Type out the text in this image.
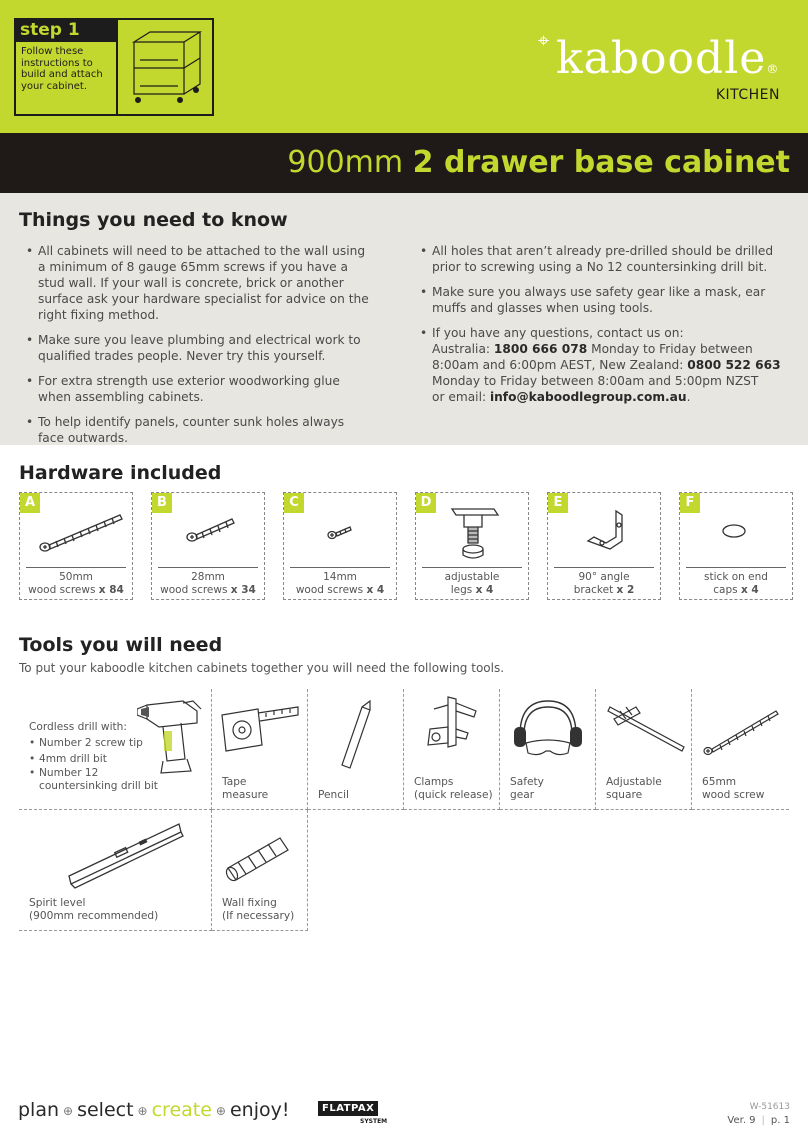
step 1
Follow these instructions to build and attach your cabinet.
⌖ kaboodle®
KITCHEN
900mm 2 drawer base cabinet
Things you need to know
• All cabinets will need to be attached to the wall using a minimum of 8 gauge 65mm screws if you have a stud wall. If your wall is concrete, brick or another surface ask your hardware specialist for advice on the right fixing method.
• Make sure you leave plumbing and electrical work to qualified trades people. Never try this yourself.
• For extra strength use exterior woodworking glue when assembling cabinets.
• To help identify panels, counter sunk holes always face outwards.
• All holes that aren’t already pre-drilled should be drilled prior to screwing using a No 12 countersinking drill bit.
• Make sure you always use safety gear like a mask, ear muffs and glasses when using tools.
• If you have any questions, contact us on:
Australia: 1800 666 078 Monday to Friday between 8:00am and 6:00pm AEST, New Zealand: 0800 522 663 Monday to Friday between 8:00am and 5:00pm NZST
or email: info@kaboodlegroup.com.au.
Hardware included
A
50mm
wood screws x 84
B
28mm
wood screws x 34
C
14mm
wood screws x 4
D
adjustable
legs x 4
E
90° angle
bracket x 2
F
stick on end
caps x 4
Tools you will need
To put your kaboodle kitchen cabinets together you will need the following tools.
Cordless drill with:
• Number 2 screw tip
• 4mm drill bit
• Number 12 countersinking drill bit	Tape
measure	Pencil
Clamps
(quick release)
Safety
gear
Adjustable
square
65mm
wood screw
Spirit level
(900mm recommended)
Wall fixing
(If necessary)
plan ⊕ select ⊕ create ⊕ enjoy!	FLATPAX
SYSTEM
W-51613
Ver. 9 | p. 1
